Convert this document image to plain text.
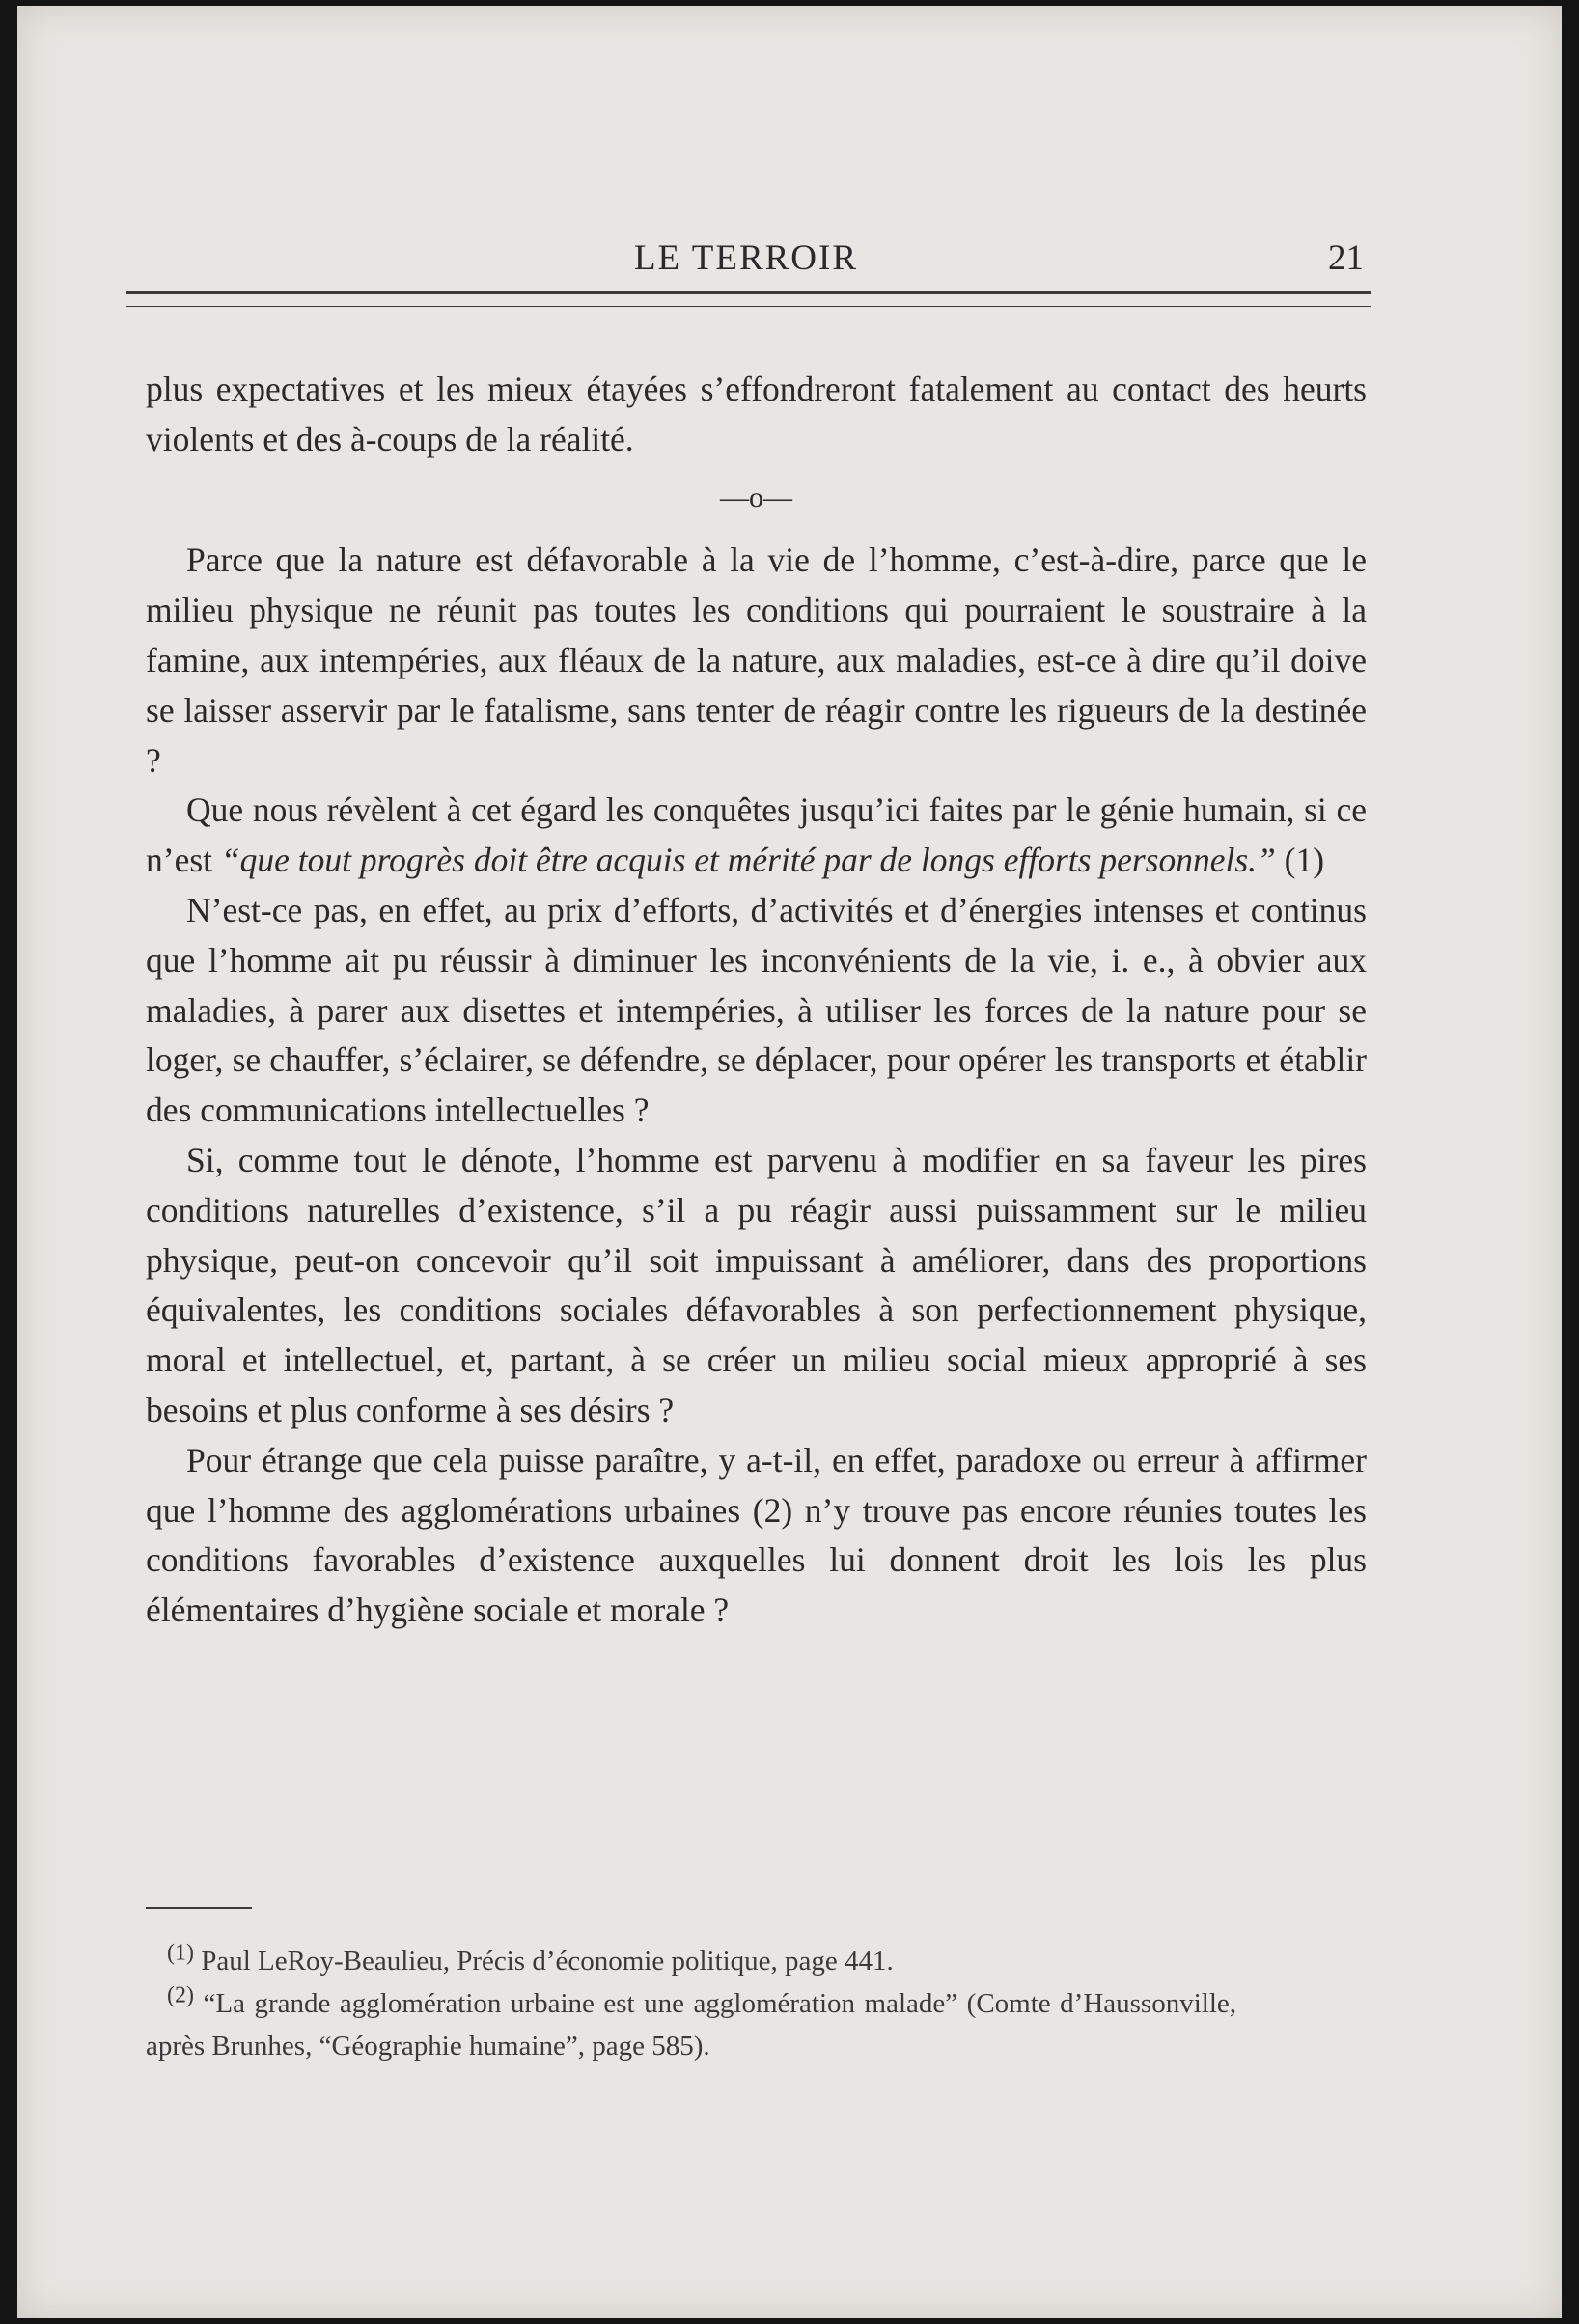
LE TERROIR	21

plus expectatives et les mieux étayées s’effondreront fatalement au contact des heurts violents et des à-coups de la réalité.

—o—

Parce que la nature est défavorable à la vie de l’homme, c’est-à-dire, parce que le milieu physique ne réunit pas toutes les conditions qui pourraient le soustraire à la famine, aux intempéries, aux fléaux de la nature, aux maladies, est-ce à dire qu’il doive se laisser asservir par le fatalisme, sans tenter de réagir contre les rigueurs de la destinée ?

Que nous révèlent à cet égard les conquêtes jusqu’ici faites par le génie humain, si ce n’est “que tout progrès doit être acquis et mérité par de longs efforts personnels.” (1)

N’est-ce pas, en effet, au prix d’efforts, d’activités et d’énergies intenses et continus que l’homme ait pu réussir à diminuer les inconvénients de la vie, i. e., à obvier aux maladies, à parer aux disettes et intempéries, à utiliser les forces de la nature pour se loger, se chauffer, s’éclairer, se défendre, se déplacer, pour opérer les transports et établir des communications intellectuelles ?

Si, comme tout le dénote, l’homme est parvenu à modifier en sa faveur les pires conditions naturelles d’existence, s’il a pu réagir aussi puissamment sur le milieu physique, peut-on concevoir qu’il soit impuissant à améliorer, dans des proportions équivalentes, les conditions sociales défavorables à son perfectionnement physique, moral et intellectuel, et, partant, à se créer un milieu social mieux approprié à ses besoins et plus conforme à ses désirs ?

Pour étrange que cela puisse paraître, y a-t-il, en effet, paradoxe ou erreur à affirmer que l’homme des agglomérations urbaines (2) n’y trouve pas encore réunies toutes les conditions favorables d’existence auxquelles lui donnent droit les lois les plus élémentaires d’hygiène sociale et morale ?

$^{(1)}$ Paul LeRoy-Beaulieu, Précis d’économie politique, page 441.

$^{(2)}$ “La grande agglomération urbaine est une agglomération malade” (Comte d’Haussonville, après Brunhes, “Géographie humaine”, page 585).
